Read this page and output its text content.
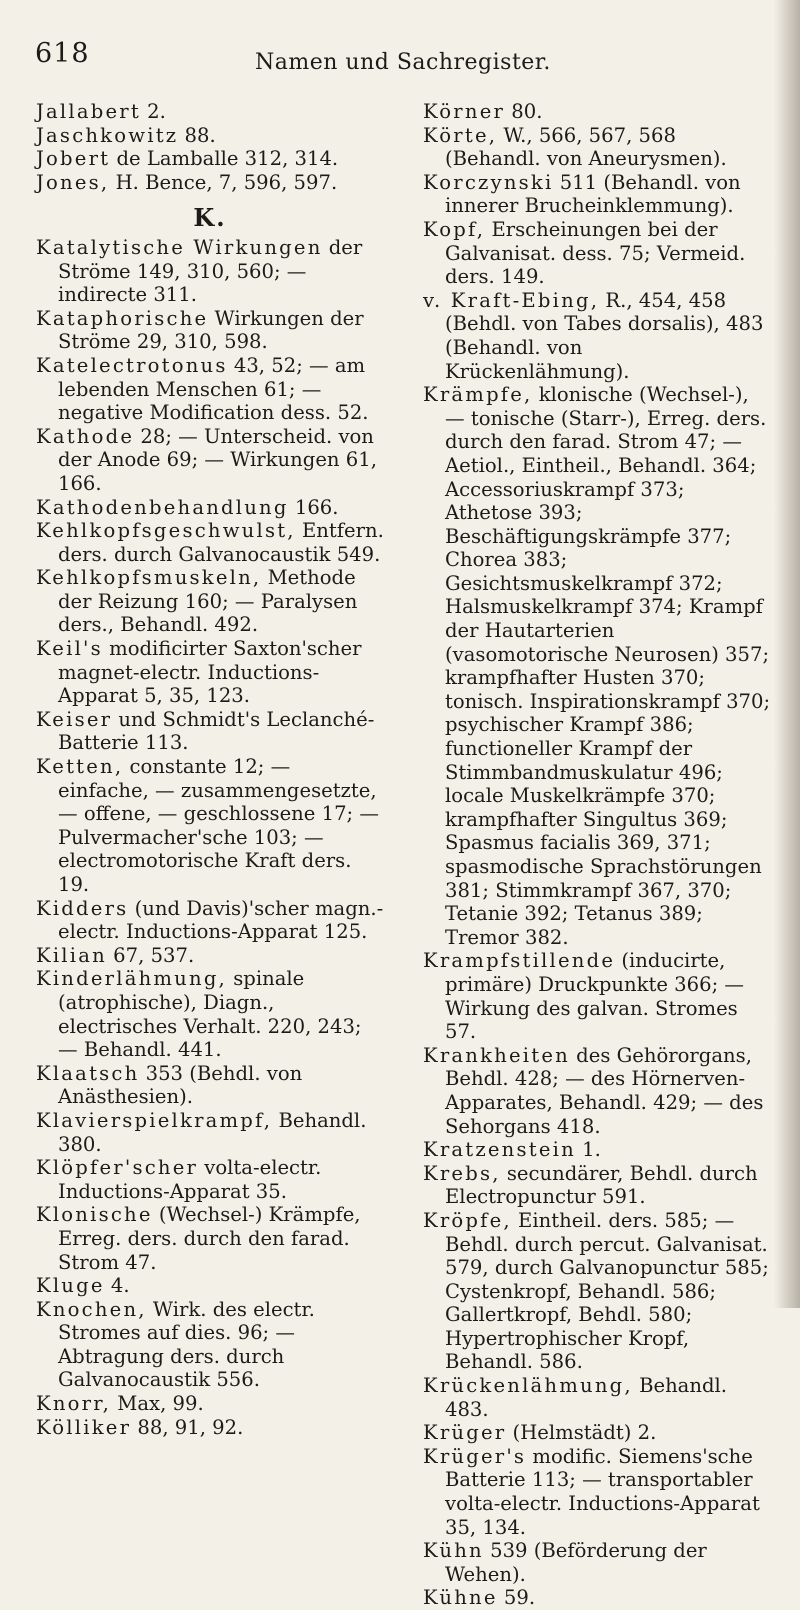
618	Namen und Sachregister.

Jallabert 2.

Jaschkowitz 88.

Jobert de Lamballe 312, 314.

Jones, H. Bence, 7, 596, 597.

K.

Katalytische Wirkungen der Ströme 149, 310, 560; — indirecte 311.

Kataphorische Wirkungen der Ströme 29, 310, 598.

Katelectrotonus 43, 52; — am lebenden Menschen 61; — negative Modification dess. 52.

Kathode 28; — Unterscheid. von der Anode 69; — Wirkungen 61, 166.

Kathodenbehandlung 166.

Kehlkopfsgeschwulst, Entfern. ders. durch Galvanocaustik 549.

Kehlkopfsmuskeln, Methode der Reizung 160; — Paralysen ders., Behandl. 492.

Keil's modificirter Saxton'scher magnet-electr. Inductions-Apparat 5, 35, 123.

Keiser und Schmidt's Leclanché-Batterie 113.

Ketten, constante 12; — einfache, — zusammengesetzte, — offene, — geschlossene 17; — Pulvermacher'sche 103; — electromotorische Kraft ders. 19.

Kidders (und Davis)'scher magn.-electr. Inductions-Apparat 125.

Kilian 67, 537.

Kinderlähmung, spinale (atrophische), Diagn., electrisches Verhalt. 220, 243; — Behandl. 441.

Klaatsch 353 (Behdl. von Anästhesien).

Klavierspielkrampf, Behandl. 380.

Klöpfer'scher volta-electr. Inductions-Apparat 35.

Klonische (Wechsel-) Krämpfe, Erreg. ders. durch den farad. Strom 47.

Kluge 4.

Knochen, Wirk. des electr. Stromes auf dies. 96; — Abtragung ders. durch Galvanocaustik 556.

Knorr, Max, 99.

Kölliker 88, 91, 92.

Körner 80.

Körte, W., 566, 567, 568 (Behandl. von Aneurysmen).

Korczynski 511 (Behandl. von innerer Brucheinklemmung).

Kopf, Erscheinungen bei der Galvanisat. dess. 75; Vermeid. ders. 149.

v. Kraft-Ebing, R., 454, 458 (Behdl. von Tabes dorsalis), 483 (Behandl. von Krückenlähmung).

Krämpfe, klonische (Wechsel-), — tonische (Starr-), Erreg. ders. durch den farad. Strom 47; — Aetiol., Eintheil., Behandl. 364; Accessoriuskrampf 373; Athetose 393; Beschäftigungskrämpfe 377; Chorea 383; Gesichtsmuskelkrampf 372; Halsmuskelkrampf 374; Krampf der Hautarterien (vasomotorische Neurosen) 357; krampfhafter Husten 370; tonisch. Inspirationskrampf 370; psychischer Krampf 386; functioneller Krampf der Stimmbandmuskulatur 496; locale Muskelkrämpfe 370; krampfhafter Singultus 369; Spasmus facialis 369, 371; spasmodische Sprachstörungen 381; Stimmkrampf 367, 370; Tetanie 392; Tetanus 389; Tremor 382.

Krampfstillende (inducirte, primäre) Druckpunkte 366; — Wirkung des galvan. Stromes 57.

Krankheiten des Gehörorgans, Behdl. 428; — des Hörnerven-Apparates, Behandl. 429; — des Sehorgans 418.

Kratzenstein 1.

Krebs, secundärer, Behdl. durch Electropunctur 591.

Kröpfe, Eintheil. ders. 585; — Behdl. durch percut. Galvanisat. 579, durch Galvanopunctur 585; Cystenkropf, Behandl. 586; Gallertkropf, Behdl. 580; Hypertrophischer Kropf, Behandl. 586.

Krückenlähmung, Behandl. 483.

Krüger (Helmstädt) 2.

Krüger's modific. Siemens'sche Batterie 113; — transportabler volta-electr. Inductions-Apparat 35, 134.

Kühn 539 (Beförderung der Wehen).

Kühne 59.
